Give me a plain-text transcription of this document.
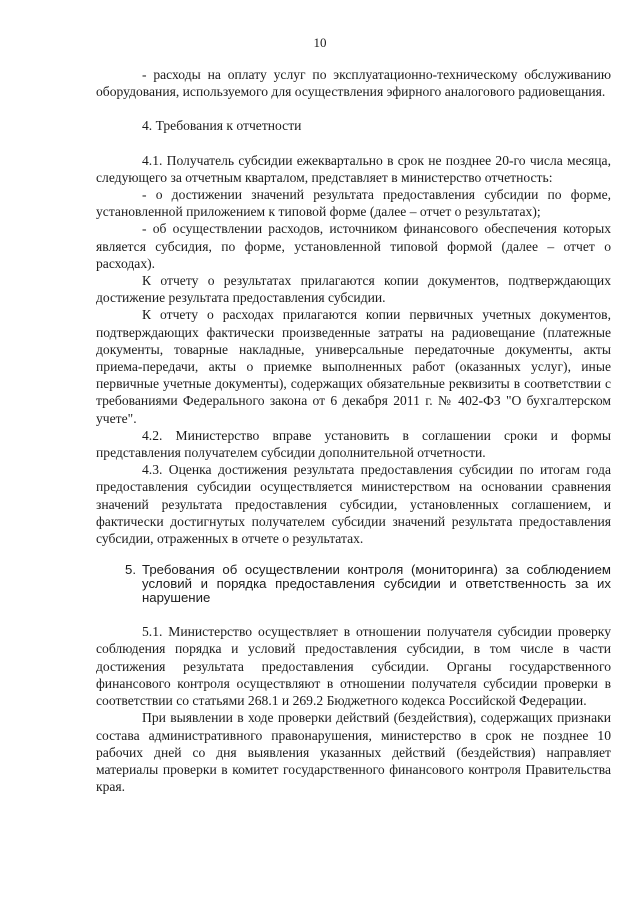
10

- расходы на оплату услуг по эксплуатационно-техническому обслуживанию оборудования, используемого для осуществления эфирного аналогового радиовещания.

4. Требования к отчетности

4.1. Получатель субсидии ежеквартально в срок не позднее 20-го числа месяца, следующего за отчетным кварталом, представляет в министерство отчетность:

- о достижении значений результата предоставления субсидии по форме, установленной приложением к типовой форме (далее – отчет о результатах);

- об осуществлении расходов, источником финансового обеспечения которых является субсидия, по форме, установленной типовой формой (далее – отчет о расходах).

К отчету о результатах прилагаются копии документов, подтверждающих достижение результата предоставления субсидии.

К отчету о расходах прилагаются копии первичных учетных документов, подтверждающих фактически произведенные затраты на радиовещание (платежные документы, товарные накладные, универсальные передаточные документы, акты приема-передачи, акты о приемке выполненных работ (оказанных услуг), иные первичные учетные документы), содержащих обязательные реквизиты в соответствии с требованиями Федерального закона от 6 декабря 2011 г. № 402-ФЗ "О бухгалтерском учете".

4.2. Министерство вправе установить в соглашении сроки и формы представления получателем субсидии дополнительной отчетности.

4.3. Оценка достижения результата предоставления субсидии по итогам года предоставления субсидии осуществляется министерством на основании сравнения значений результата предоставления субсидии, установленных соглашением, и фактически достигнутых получателем субсидии значений результата предоставления субсидии, отраженных в отчете о результатах.

5. Требования об осуществлении контроля (мониторинга) за соблюдением условий и порядка предоставления субсидии и ответственность за их нарушение

5.1. Министерство осуществляет в отношении получателя субсидии проверку соблюдения порядка и условий предоставления субсидии, в том числе в части достижения результата предоставления субсидии. Органы государственного финансового контроля осуществляют в отношении получателя субсидии проверки в соответствии со статьями 268.1 и 269.2 Бюджетного кодекса Российской Федерации.

При выявлении в ходе проверки действий (бездействия), содержащих признаки состава административного правонарушения, министерство в срок не позднее 10 рабочих дней со дня выявления указанных действий (бездействия) направляет материалы проверки в комитет государственного финансового контроля Правительства края.
